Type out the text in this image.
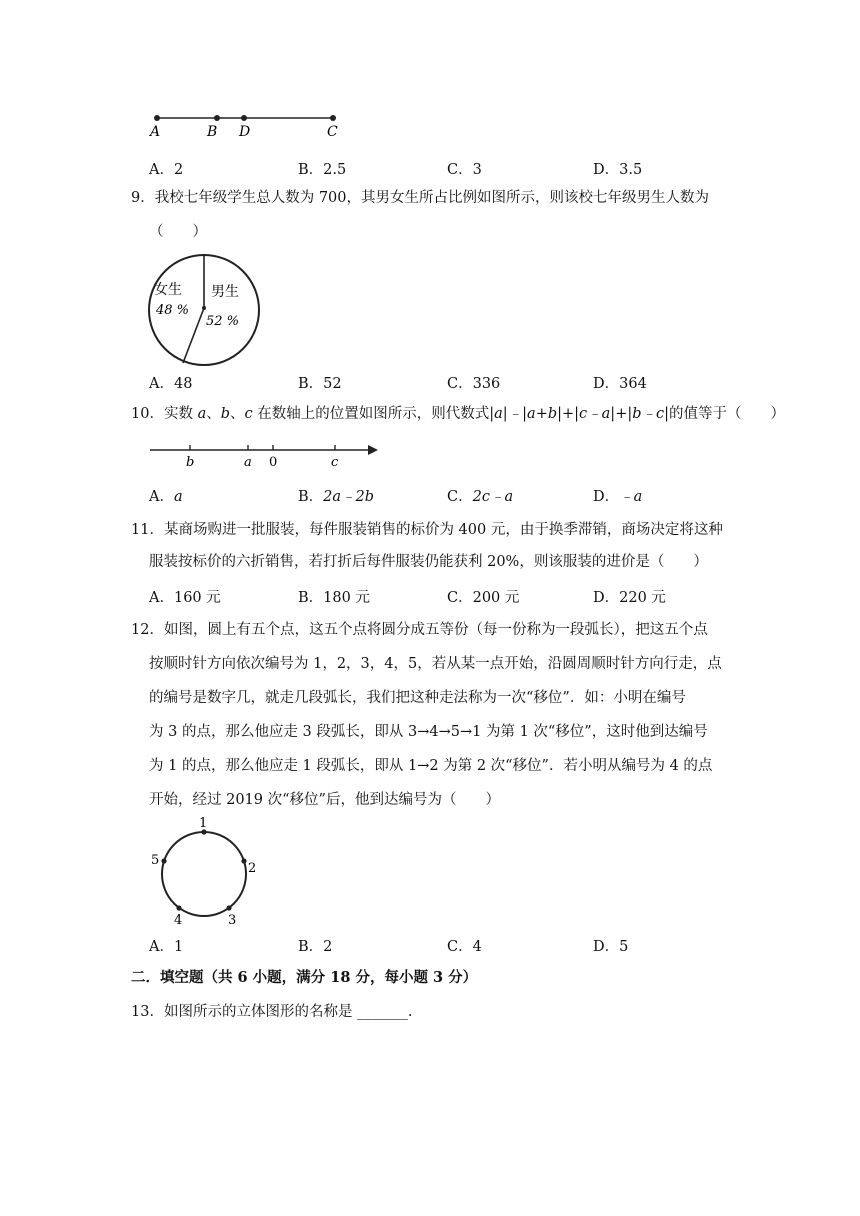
A	B D	C
A．2	B．2.5	C．3	D．3.5
9．我校七年级学生总人数为 700，其男女生所占比例如图所示，则该校七年级男生人数为
（　　）
女生
48 %
男生
52 %
A．48	B．52	C．336	D．364
10．实数 a、b、c 在数轴上的位置如图所示，则代数式|a|﹣|a+b|+|c﹣a|+|b﹣c|的值等于（　　）
b	a 0	c
A．a	B．2a﹣2b	C．2c﹣a	D．﹣a
11．某商场购进一批服装，每件服装销售的标价为 400 元，由于换季滞销，商场决定将这种
服装按标价的六折销售，若打折后每件服装仍能获利 20%，则该服装的进价是（　　）
A．160 元	B．180 元	C．200 元	D．220 元
12．如图，圆上有五个点，这五个点将圆分成五等份（每一份称为一段弧长），把这五个点
按顺时针方向依次编号为 1，2，3，4，5，若从某一点开始，沿圆周顺时针方向行走，点
的编号是数字几，就走几段弧长，我们把这种走法称为一次“移位”．如：小明在编号
为 3 的点，那么他应走 3 段弧长，即从 3→4→5→1 为第 1 次“移位”，这时他到达编号
为 1 的点，那么他应走 1 段弧长，即从 1→2 为第 2 次“移位”．若小明从编号为 4 的点
开始，经过 2019 次“移位”后，他到达编号为（　　）
1
2
3
4
5
A．1	B．2	C．4	D．5
二．填空题（共 6 小题，满分 18 分，每小题 3 分）
13．如图所示的立体图形的名称是 _______.
